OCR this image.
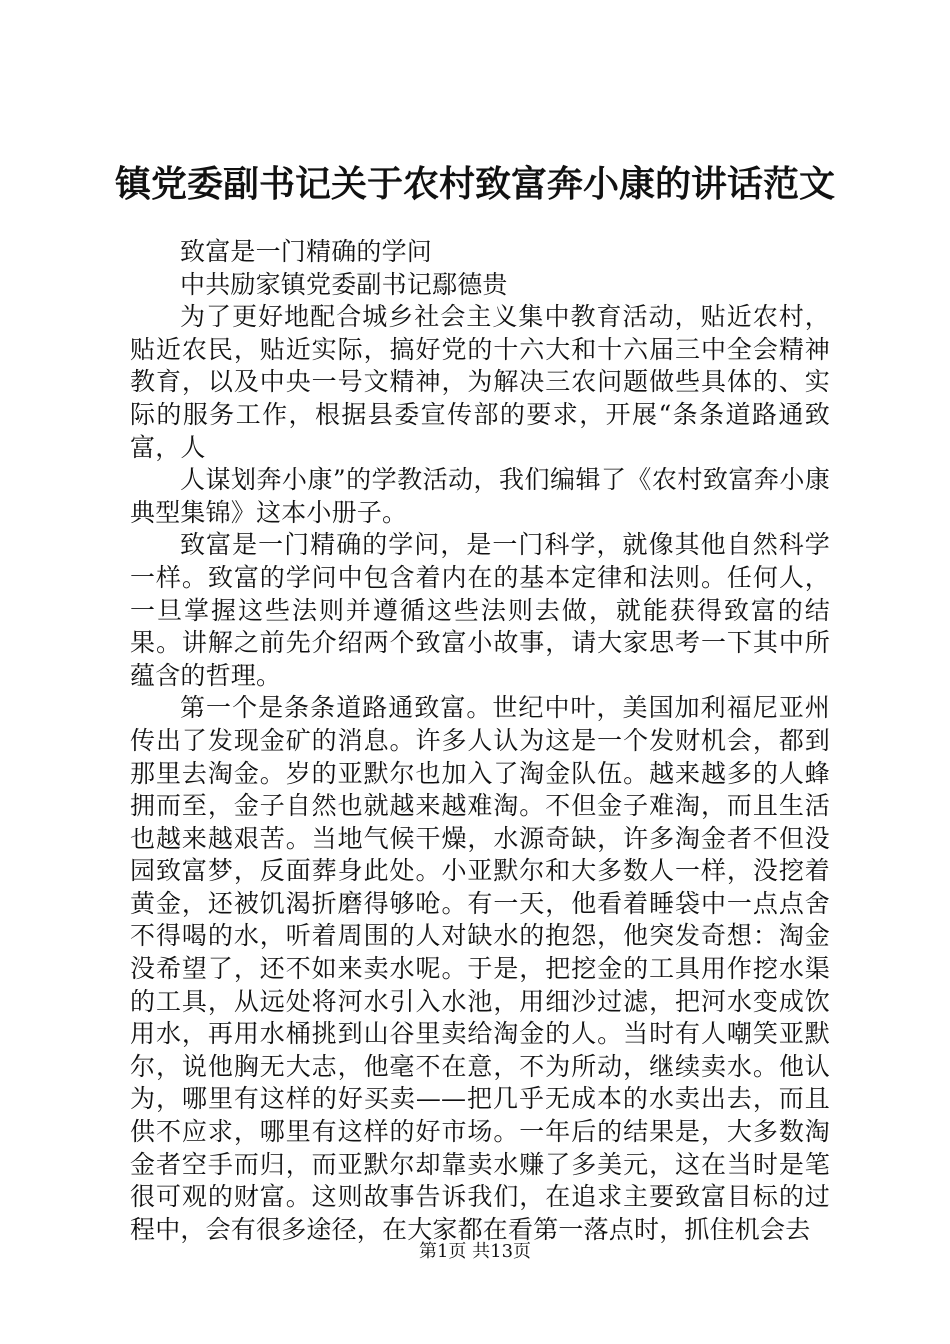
镇党委副书记关于农村致富奔小康的讲话范文

致富是一门精确的学问

中共励家镇党委副书记鄢德贵

为了更好地配合城乡社会主义集中教育活动，贴近农村，贴近农民，贴近实际，搞好党的十六大和十六届三中全会精神教育，以及中央一号文精神，为解决三农问题做些具体的、实际的服务工作，根据县委宣传部的要求，开展“条条道路通致富，人

人谋划奔小康”的学教活动，我们编辑了《农村致富奔小康典型集锦》这本小册子。

致富是一门精确的学问，是一门科学，就像其他自然科学一样。致富的学问中包含着内在的基本定律和法则。任何人，一旦掌握这些法则并遵循这些法则去做，就能获得致富的结果。讲解之前先介绍两个致富小故事，请大家思考一下其中所蕴含的哲理。

第一个是条条道路通致富。世纪中叶，美国加利福尼亚州传出了发现金矿的消息。许多人认为这是一个发财机会，都到那里去淘金。岁的亚默尔也加入了淘金队伍。越来越多的人蜂拥而至，金子自然也就越来越难淘。不但金子难淘，而且生活也越来越艰苦。当地气候干燥，水源奇缺，许多淘金者不但没园致富梦，反面葬身此处。小亚默尔和大多数人一样，没挖着黄金，还被饥渴折磨得够呛。有一天，他看着睡袋中一点点舍不得喝的水，听着周围的人对缺水的抱怨，他突发奇想：淘金没希望了，还不如来卖水呢。于是，把挖金的工具用作挖水渠的工具，从远处将河水引入水池，用细沙过滤，把河水变成饮用水，再用水桶挑到山谷里卖给淘金的人。当时有人嘲笑亚默尔，说他胸无大志，他毫不在意，不为所动，继续卖水。他认为，哪里有这样的好买卖——把几乎无成本的水卖出去，而且供不应求，哪里有这样的好市场。一年后的结果是，大多数淘金者空手而归，而亚默尔却靠卖水赚了多美元，这在当时是笔很可观的财富。这则故事告诉我们，在追求主要致富目标的过程中，会有很多途径，在大家都在看第一落点时，抓住机会去

第1页 共13页
